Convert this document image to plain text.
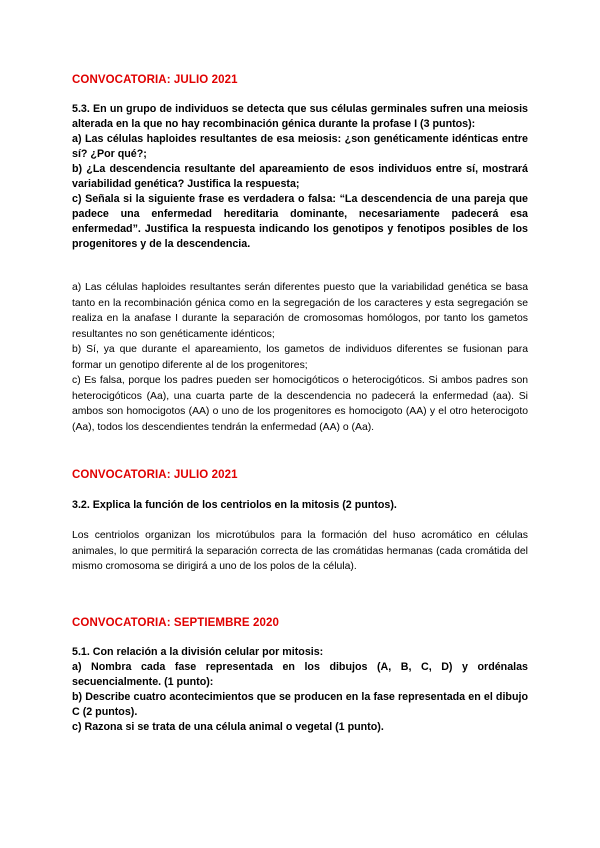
CONVOCATORIA: JULIO 2021

5.3. En un grupo de individuos se detecta que sus células germinales sufren una meiosis alterada en la que no hay recombinación génica durante la profase I (3 puntos):

a) Las células haploides resultantes de esa meiosis: ¿son genéticamente idénticas entre sí? ¿Por qué?;

b) ¿La descendencia resultante del apareamiento de esos individuos entre sí, mostrará variabilidad genética? Justifica la respuesta;

c) Señala si la siguiente frase es verdadera o falsa: “La descendencia de una pareja que padece una enfermedad hereditaria dominante, necesariamente padecerá esa enfermedad”. Justifica la respuesta indicando los genotipos y fenotipos posibles de los progenitores y de la descendencia.

a) Las células haploides resultantes serán diferentes puesto que la variabilidad genética se basa tanto en la recombinación génica como en la segregación de los caracteres y esta segregación se realiza en la anafase I durante la separación de cromosomas homólogos, por tanto los gametos resultantes no son genéticamente idénticos;

b) Sí, ya que durante el apareamiento, los gametos de individuos diferentes se fusionan para formar un genotipo diferente al de los progenitores;

c) Es falsa, porque los padres pueden ser homocigóticos o heterocigóticos. Si ambos padres son heterocigóticos (Aa), una cuarta parte de la descendencia no padecerá la enfermedad (aa). Si ambos son homocigotos (AA) o uno de los progenitores es homocigoto (AA) y el otro heterocigoto (Aa), todos los descendientes tendrán la enfermedad (AA) o (Aa).

CONVOCATORIA: JULIO 2021

3.2. Explica la función de los centriolos en la mitosis (2 puntos).

Los centriolos organizan los microtúbulos para la formación del huso acromático en células animales, lo que permitirá la separación correcta de las cromátidas hermanas (cada cromátida del mismo cromosoma se dirigirá a uno de los polos de la célula).

CONVOCATORIA: SEPTIEMBRE 2020

5.1. Con relación a la división celular por mitosis:

a) Nombra cada fase representada en los dibujos (A, B, C, D) y ordénalas secuencialmente. (1 punto):

b) Describe cuatro acontecimientos que se producen en la fase representada en el dibujo C (2 puntos).

c) Razona si se trata de una célula animal o vegetal (1 punto).
